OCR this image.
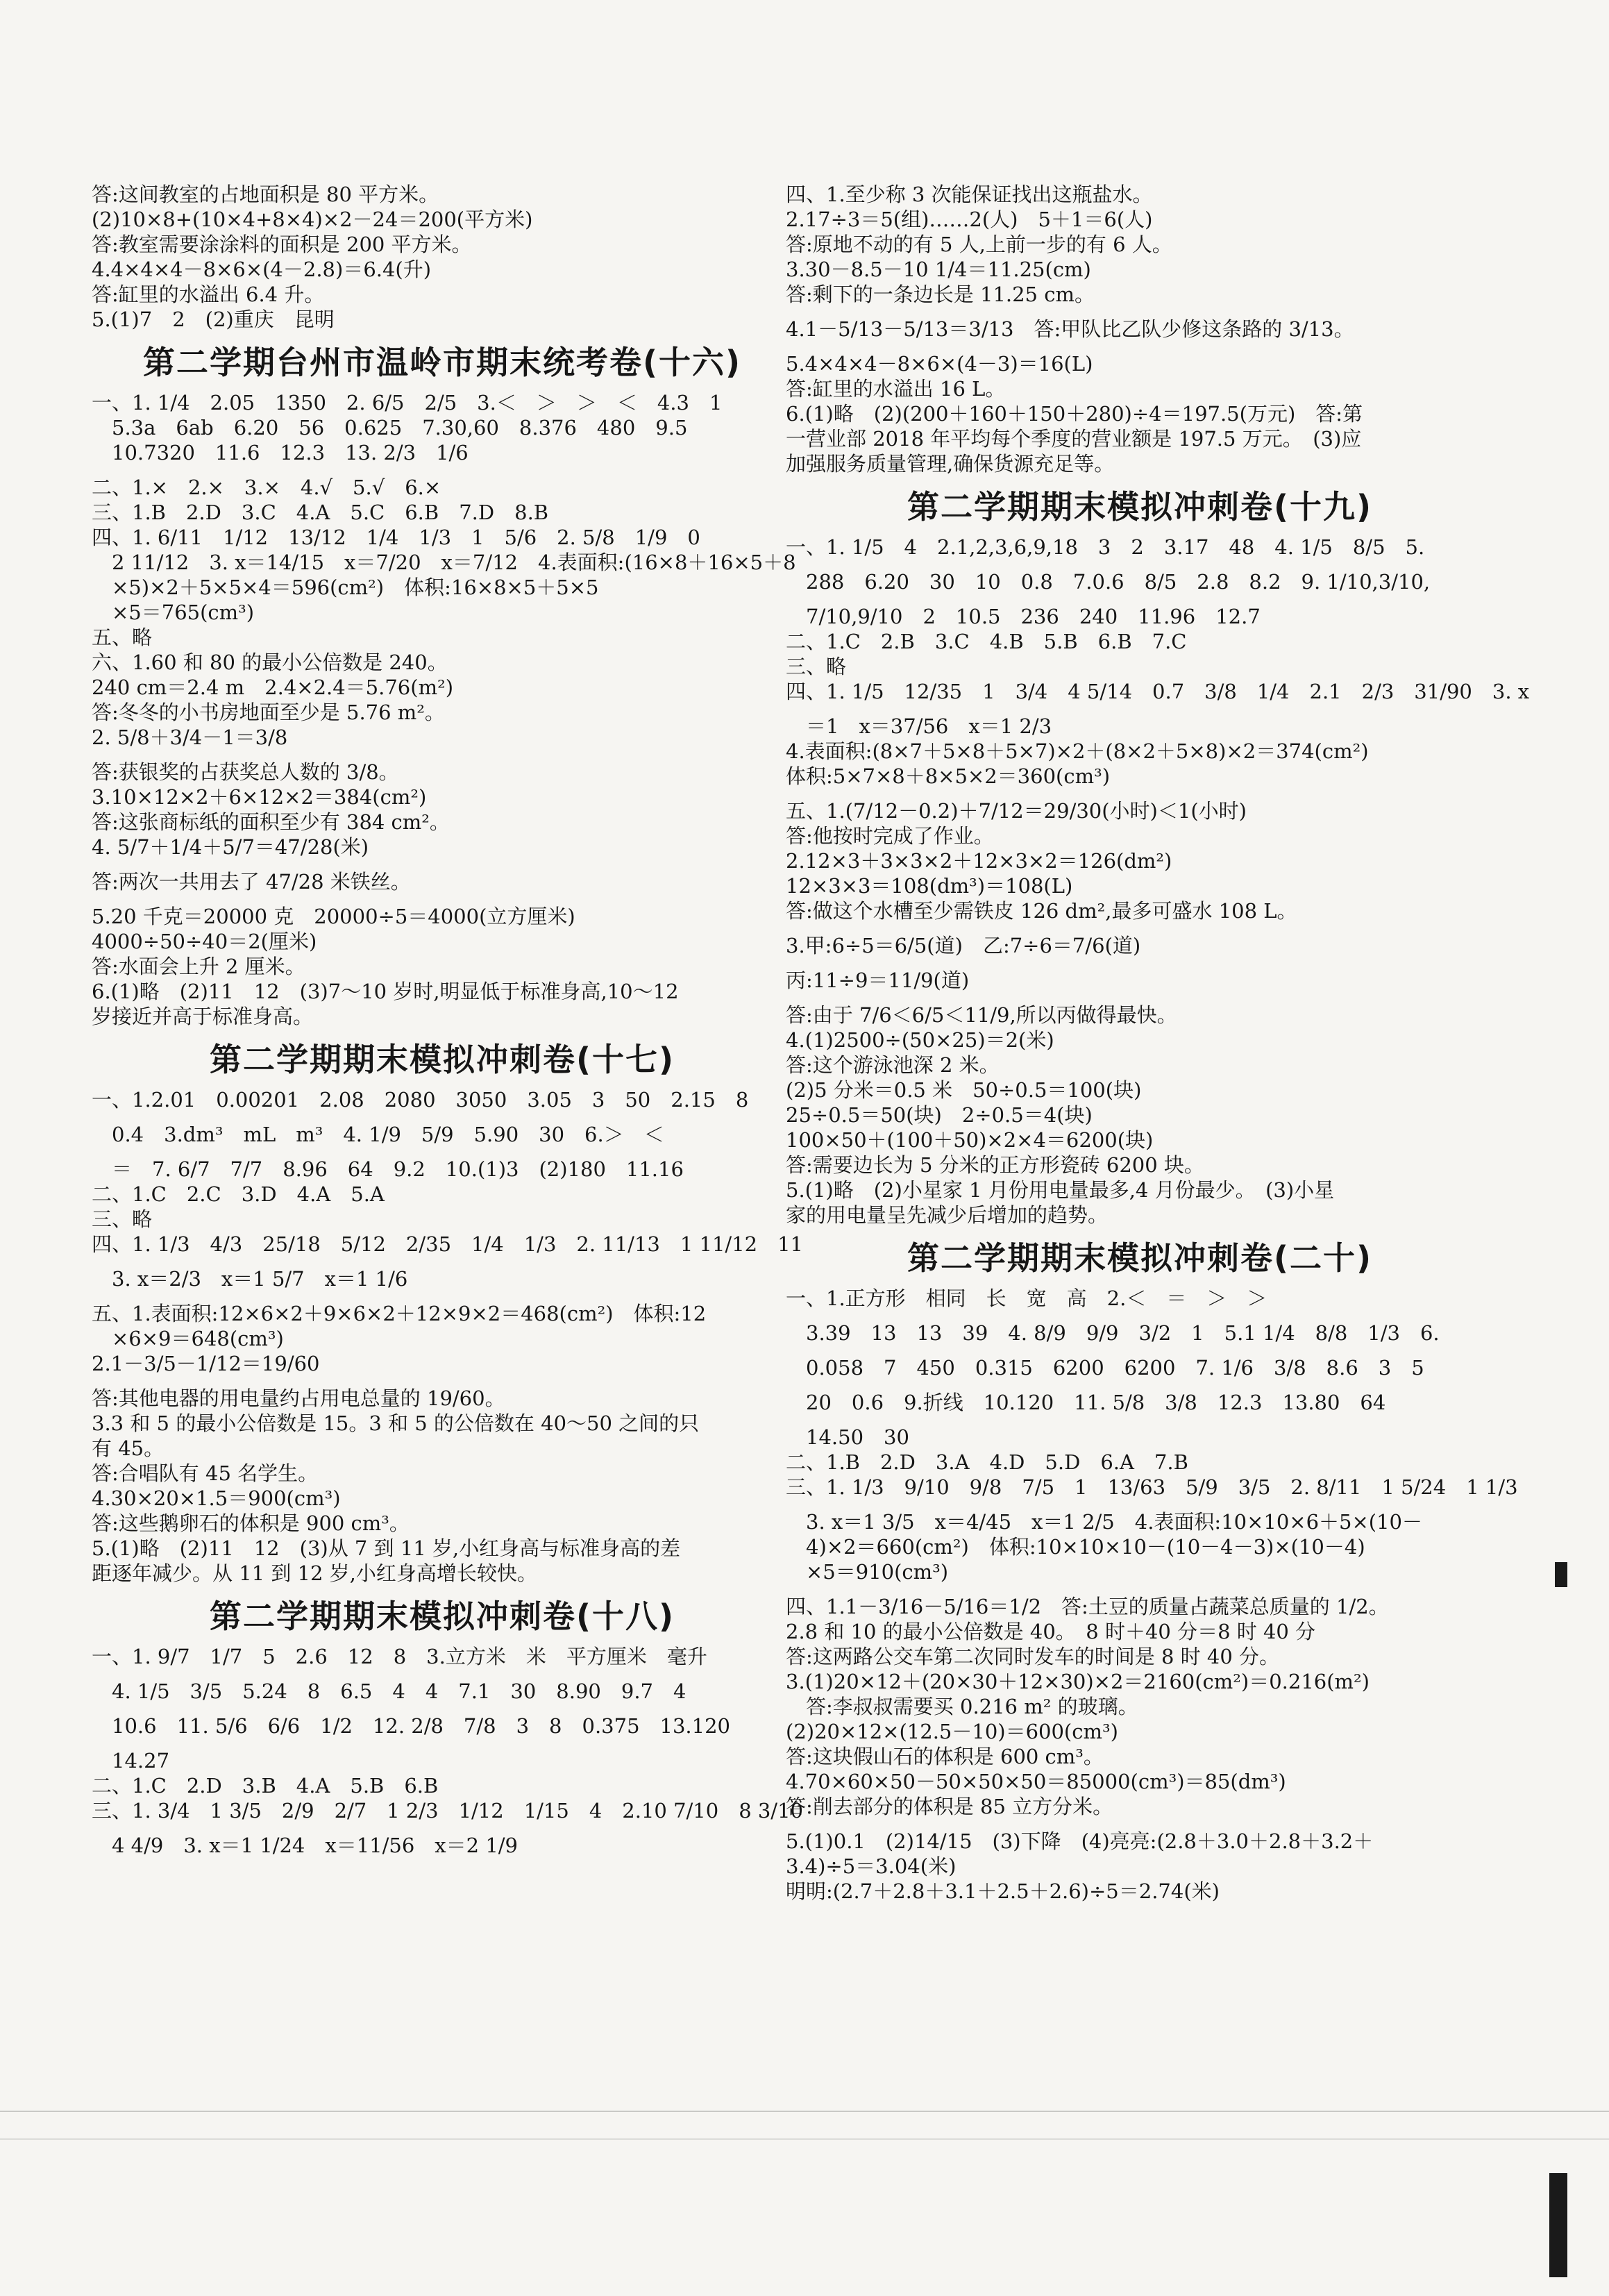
答:这间教室的占地面积是 80 平方米。
(2)10×8+(10×4+8×4)×2－24＝200(平方米)
答:教室需要涂涂料的面积是 200 平方米。
4.4×4×4－8×6×(4－2.8)＝6.4(升)
答:缸里的水溢出 6.4 升。
5.(1)7　2　(2)重庆　昆明
第二学期台州市温岭市期末统考卷(十六)
一、1. 1/4　2.05　1350　2. 6/5　2/5　3.＜　＞　＞　＜　4.3　1
　5.3a　6ab　6.20　56　0.625　7.30,60　8.376　480　9.5
　10.7320　11.6　12.3　13. 2/3　1/6
二、1.×　2.×　3.×　4.√　5.√　6.×
三、1.B　2.D　3.C　4.A　5.C　6.B　7.D　8.B
四、1. 6/11　1/12　13/12　1/4　1/3　1　5/6　2. 5/8　1/9　0
　2 11/12　3. x＝14/15　x＝7/20　x＝7/12　4.表面积:(16×8＋16×5＋8
　×5)×2＋5×5×4＝596(cm²)　体积:16×8×5＋5×5
　×5＝765(cm³)
五、略
六、1.60 和 80 的最小公倍数是 240。
240 cm＝2.4 m　2.4×2.4＝5.76(m²)
答:冬冬的小书房地面至少是 5.76 m²。
2. 5/8＋3/4－1＝3/8
答:获银奖的占获奖总人数的 3/8。
3.10×12×2＋6×12×2＝384(cm²)
答:这张商标纸的面积至少有 384 cm²。
4. 5/7＋1/4＋5/7＝47/28(米)
答:两次一共用去了 47/28 米铁丝。
5.20 千克＝20000 克　20000÷5＝4000(立方厘米)
4000÷50÷40＝2(厘米)
答:水面会上升 2 厘米。
6.(1)略　(2)11　12　(3)7～10 岁时,明显低于标准身高,10～12
岁接近并高于标准身高。
第二学期期末模拟冲刺卷(十七)
一、1.2.01　0.00201　2.08　2080　3050　3.05　3　50　2.15　8
　0.4　3.dm³　mL　m³　4. 1/9　5/9　5.90　30　6.＞　＜
　＝　7. 6/7　7/7　8.96　64　9.2　10.(1)3　(2)180　11.16
二、1.C　2.C　3.D　4.A　5.A
三、略
四、1. 1/3　4/3　25/18　5/12　2/35　1/4　1/3　2. 11/13　1 11/12　11
　3. x＝2/3　x＝1 5/7　x＝1 1/6
五、1.表面积:12×6×2＋9×6×2＋12×9×2＝468(cm²)　体积:12
　×6×9＝648(cm³)
2.1－3/5－1/12＝19/60
答:其他电器的用电量约占用电总量的 19/60。
3.3 和 5 的最小公倍数是 15。3 和 5 的公倍数在 40～50 之间的只
有 45。
答:合唱队有 45 名学生。
4.30×20×1.5＝900(cm³)
答:这些鹅卵石的体积是 900 cm³。
5.(1)略　(2)11　12　(3)从 7 到 11 岁,小红身高与标准身高的差
距逐年减少。从 11 到 12 岁,小红身高增长较快。
第二学期期末模拟冲刺卷(十八)
一、1. 9/7　1/7　5　2.6　12　8　3.立方米　米　平方厘米　毫升
　4. 1/5　3/5　5.24　8　6.5　4　4　7.1　30　8.90　9.7　4
　10.6　11. 5/6　6/6　1/2　12. 2/8　7/8　3　8　0.375　13.120
　14.27
二、1.C　2.D　3.B　4.A　5.B　6.B
三、1. 3/4　1 3/5　2/9　2/7　1 2/3　1/12　1/15　4　2.10 7/10　8 3/10
　4 4/9　3. x＝1 1/24　x＝11/56　x＝2 1/9
四、1.至少称 3 次能保证找出这瓶盐水。
2.17÷3＝5(组)……2(人)　5＋1＝6(人)
答:原地不动的有 5 人,上前一步的有 6 人。
3.30－8.5－10 1/4＝11.25(cm)
答:剩下的一条边长是 11.25 cm。
4.1－5/13－5/13＝3/13　答:甲队比乙队少修这条路的 3/13。
5.4×4×4－8×6×(4－3)＝16(L)
答:缸里的水溢出 16 L。
6.(1)略　(2)(200＋160＋150＋280)÷4＝197.5(万元)　答:第
一营业部 2018 年平均每个季度的营业额是 197.5 万元。　(3)应
加强服务质量管理,确保货源充足等。
第二学期期末模拟冲刺卷(十九)
一、1. 1/5　4　2.1,2,3,6,9,18　3　2　3.17　48　4. 1/5　8/5　5.
　288　6.20　30　10　0.8　7.0.6　8/5　2.8　8.2　9. 1/10,3/10,
　7/10,9/10　2　10.5　236　240　11.96　12.7
二、1.C　2.B　3.C　4.B　5.B　6.B　7.C
三、略
四、1. 1/5　12/35　1　3/4　4 5/14　0.7　3/8　1/4　2.1　2/3　31/90　3. x
　＝1　x＝37/56　x＝1 2/3
4.表面积:(8×7＋5×8＋5×7)×2＋(8×2＋5×8)×2＝374(cm²)
体积:5×7×8＋8×5×2＝360(cm³)
五、1.(7/12－0.2)＋7/12＝29/30(小时)＜1(小时)
答:他按时完成了作业。
2.12×3＋3×3×2＋12×3×2＝126(dm²)
12×3×3＝108(dm³)＝108(L)
答:做这个水槽至少需铁皮 126 dm²,最多可盛水 108 L。
3.甲:6÷5＝6/5(道)　乙:7÷6＝7/6(道)
丙:11÷9＝11/9(道)
答:由于 7/6＜6/5＜11/9,所以丙做得最快。
4.(1)2500÷(50×25)＝2(米)
答:这个游泳池深 2 米。
(2)5 分米＝0.5 米　50÷0.5＝100(块)
25÷0.5＝50(块)　2÷0.5＝4(块)
100×50＋(100＋50)×2×4＝6200(块)
答:需要边长为 5 分米的正方形瓷砖 6200 块。
5.(1)略　(2)小星家 1 月份用电量最多,4 月份最少。　(3)小星
家的用电量呈先减少后增加的趋势。
第二学期期末模拟冲刺卷(二十)
一、1.正方形　相同　长　宽　高　2.＜　＝　＞　＞
　3.39　13　13　39　4. 8/9　9/9　3/2　1　5.1 1/4　8/8　1/3　6.
　0.058　7　450　0.315　6200　6200　7. 1/6　3/8　8.6　3　5
　20　0.6　9.折线　10.120　11. 5/8　3/8　12.3　13.80　64
　14.50　30
二、1.B　2.D　3.A　4.D　5.D　6.A　7.B
三、1. 1/3　9/10　9/8　7/5　1　13/63　5/9　3/5　2. 8/11　1 5/24　1 1/3
　3. x＝1 3/5　x＝4/45　x＝1 2/5　4.表面积:10×10×6＋5×(10－
　4)×2＝660(cm²)　体积:10×10×10－(10－4－3)×(10－4)
　×5＝910(cm³)
四、1.1－3/16－5/16＝1/2　答:土豆的质量占蔬菜总质量的 1/2。
2.8 和 10 的最小公倍数是 40。　8 时＋40 分＝8 时 40 分
答:这两路公交车第二次同时发车的时间是 8 时 40 分。
3.(1)20×12＋(20×30＋12×30)×2＝2160(cm²)＝0.216(m²)
　答:李叔叔需要买 0.216 m² 的玻璃。
(2)20×12×(12.5－10)＝600(cm³)
答:这块假山石的体积是 600 cm³。
4.70×60×50－50×50×50＝85000(cm³)＝85(dm³)
答:削去部分的体积是 85 立方分米。
5.(1)0.1　(2)14/15　(3)下降　(4)亮亮:(2.8＋3.0＋2.8＋3.2＋
3.4)÷5＝3.04(米)
明明:(2.7＋2.8＋3.1＋2.5＋2.6)÷5＝2.74(米)
